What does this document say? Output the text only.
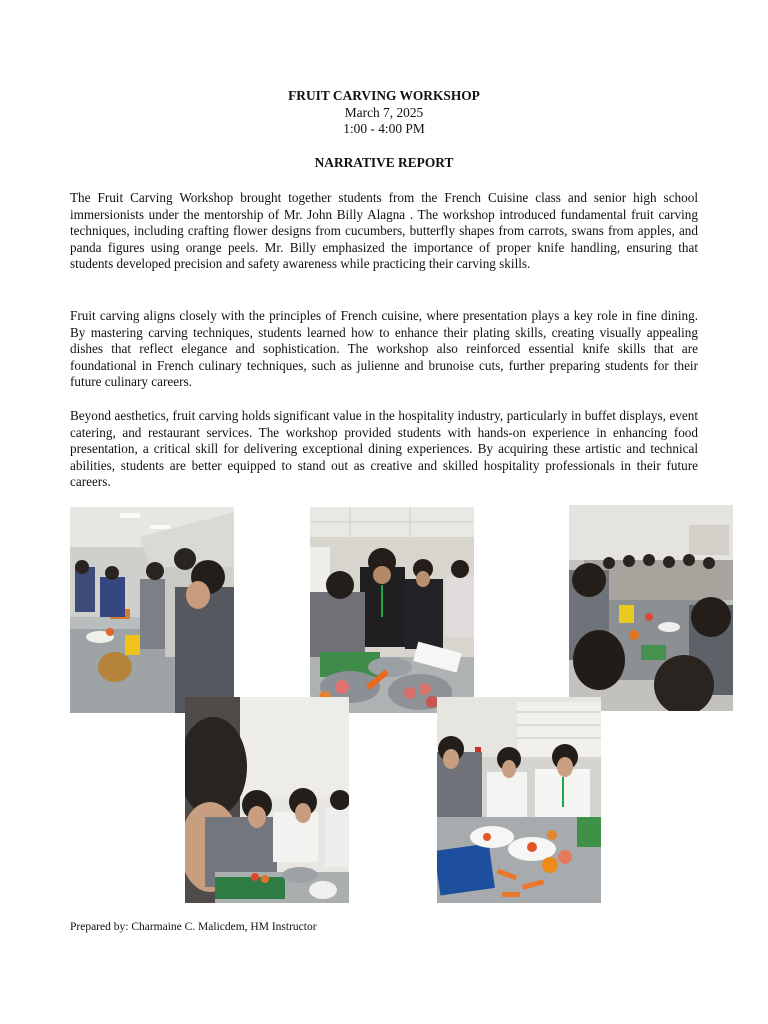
FRUIT CARVING WORKSHOP
March 7, 2025
1:00 - 4:00 PM
NARRATIVE REPORT

The Fruit Carving Workshop brought together students from the French Cuisine class and senior high school immersionists under the mentorship of Mr. John Billy Alagna . The workshop introduced fundamental fruit carving techniques, including crafting flower designs from cucumbers, butterfly shapes from carrots, swans from apples, and panda figures using orange peels. Mr. Billy emphasized the importance of proper knife handling, ensuring that students developed precision and safety awareness while practicing their carving skills.

Fruit carving aligns closely with the principles of French cuisine, where presentation plays a key role in fine dining. By mastering carving techniques, students learned how to enhance their plating skills, creating visually appealing dishes that reflect elegance and sophistication. The workshop also reinforced essential knife skills that are foundational in French culinary techniques, such as julienne and brunoise cuts, further preparing students for their future culinary careers.

Beyond aesthetics, fruit carving holds significant value in the hospitality industry, particularly in buffet displays, event catering, and restaurant services. The workshop provided students with hands-on experience in enhancing food presentation, a critical skill for delivering exceptional dining experiences. By acquiring these artistic and technical abilities, students are better equipped to stand out as creative and skilled hospitality professionals in their future careers.

Prepared by: Charmaine C. Malicdem, HM Instructor
